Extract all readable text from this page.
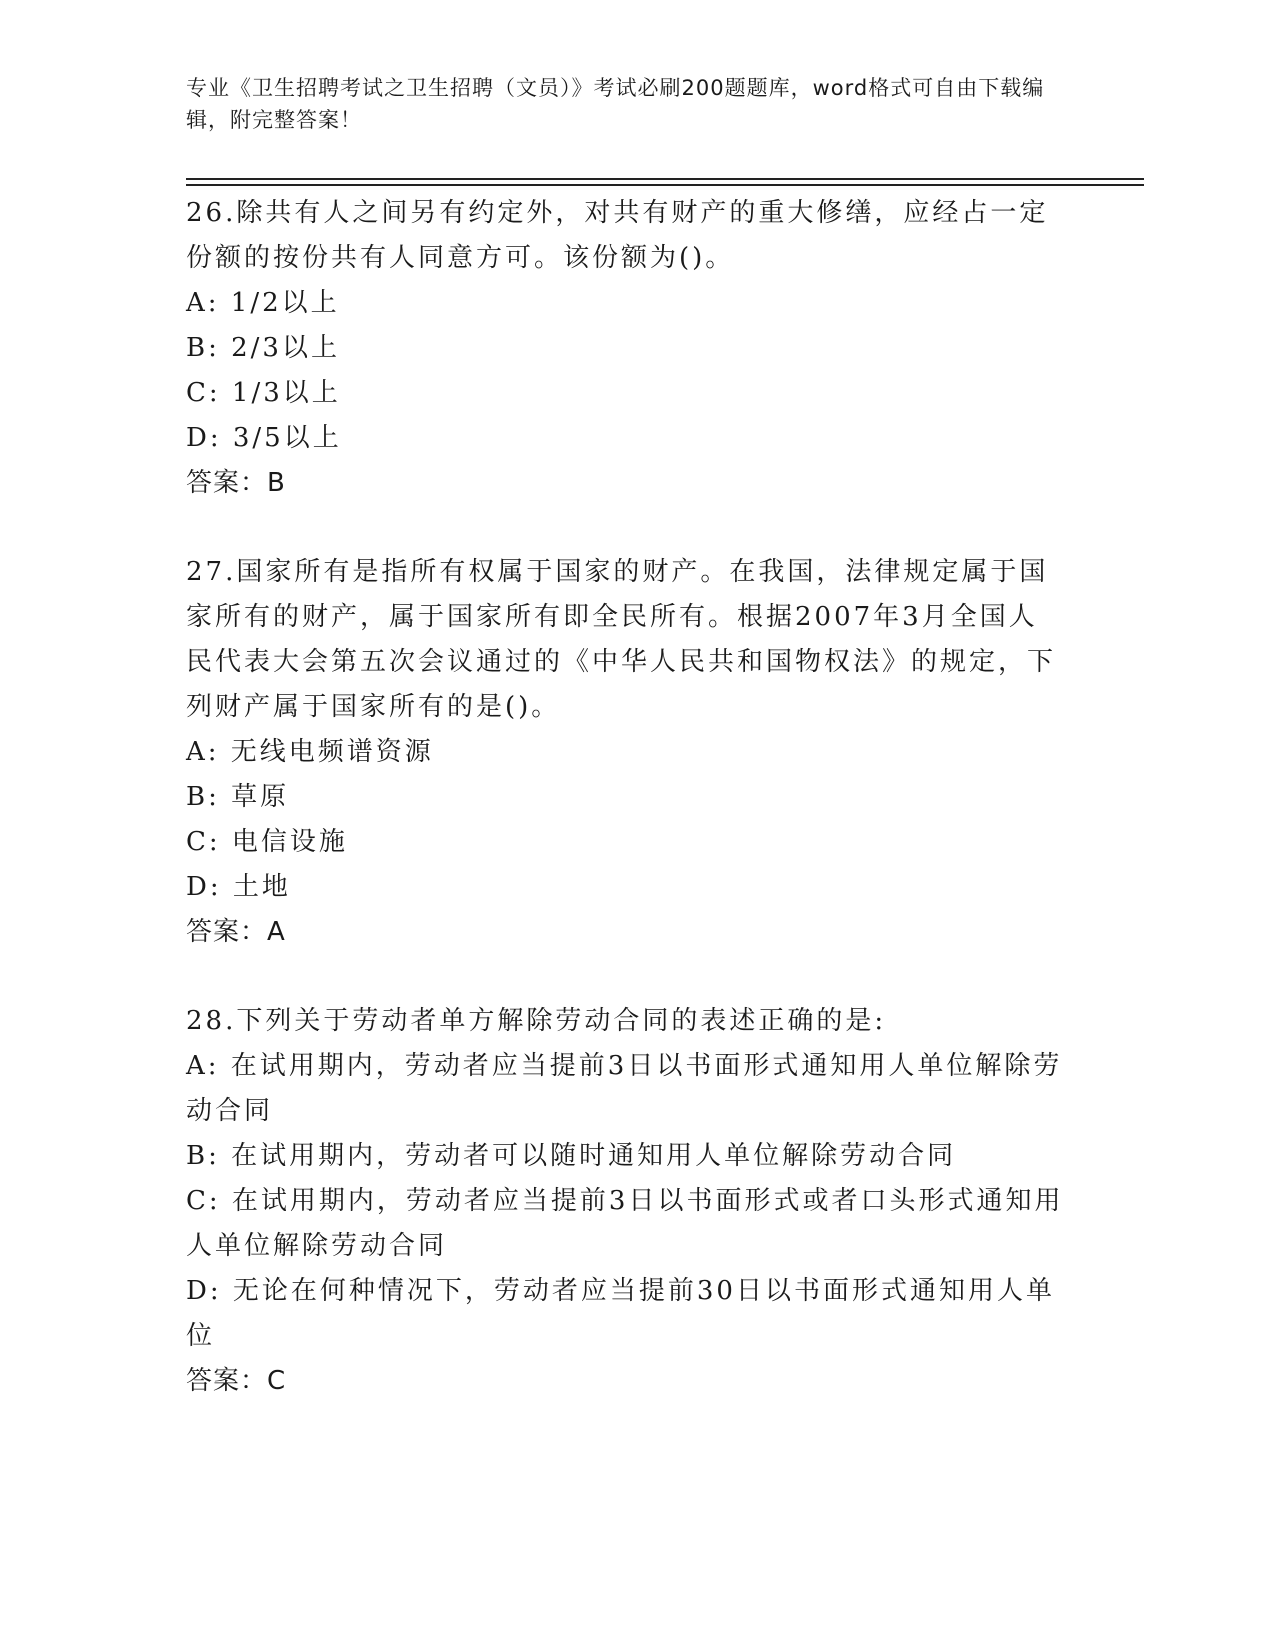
专业《卫生招聘考试之卫生招聘（文员）》考试必刷200题题库，word格式可自由下载编辑，附完整答案！
26.除共有人之间另有约定外，对共有财产的重大修缮，应经占一定份额的按份共有人同意方可。该份额为()。
A: 1/2以上
B: 2/3以上
C: 1/3以上
D: 3/5以上
答案：B
27.国家所有是指所有权属于国家的财产。在我国，法律规定属于国家所有的财产，属于国家所有即全民所有。根据2007年3月全国人民代表大会第五次会议通过的《中华人民共和国物权法》的规定，下列财产属于国家所有的是()。
A: 无线电频谱资源
B: 草原
C: 电信设施
D: 土地
答案：A
28.下列关于劳动者单方解除劳动合同的表述正确的是:
A: 在试用期内，劳动者应当提前3日以书面形式通知用人单位解除劳动合同
B: 在试用期内，劳动者可以随时通知用人单位解除劳动合同
C: 在试用期内，劳动者应当提前3日以书面形式或者口头形式通知用人单位解除劳动合同
D: 无论在何种情况下，劳动者应当提前30日以书面形式通知用人单位
答案：C
